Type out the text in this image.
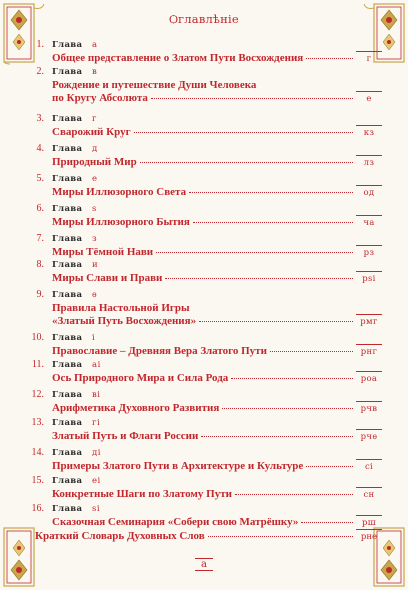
Ѻглавлѣніе
1. Глава а
Общее представление о Златом Пути Восхождения	г
2. Глава в
Рождение и путешествие Души Человека
по Кругу Абсолюта	е
3. Глава г
Сварожий Круг	кз
4. Глава д
Природный Мир	лз
5. Глава е
Миры Иллюзорного Света	од
6. Глава ѕ
Миры Иллюзорного Бытия	ча
7. Глава з
Миры Тёмной Нави	рз
8. Глава и
Миры Слави и Прави	рѕі
9. Глава ѳ
Правила Настольной Игры
«Златый Путь Восхождения»	рмг
10. Глава і
Православие – Древняя Вера Златого Пути	рнг
11. Глава аі
Ось Природного Мира и Сила Рода	роа
12. Глава ві
Арифметика Духовного Развития	рчв
13. Глава гі
Златый Путь и Флаги России	рчѳ
14. Глава ді
Примеры Златого Пути в Архитектуре и Культуре	сі
15. Глава еі
Конкретные Шаги по Златому Пути	сн
16. Глава ѕі
Сказочная Семинария «Собери свою Матрёшку»	рш
Краткий Словарь Духовных Слов	рне
а
